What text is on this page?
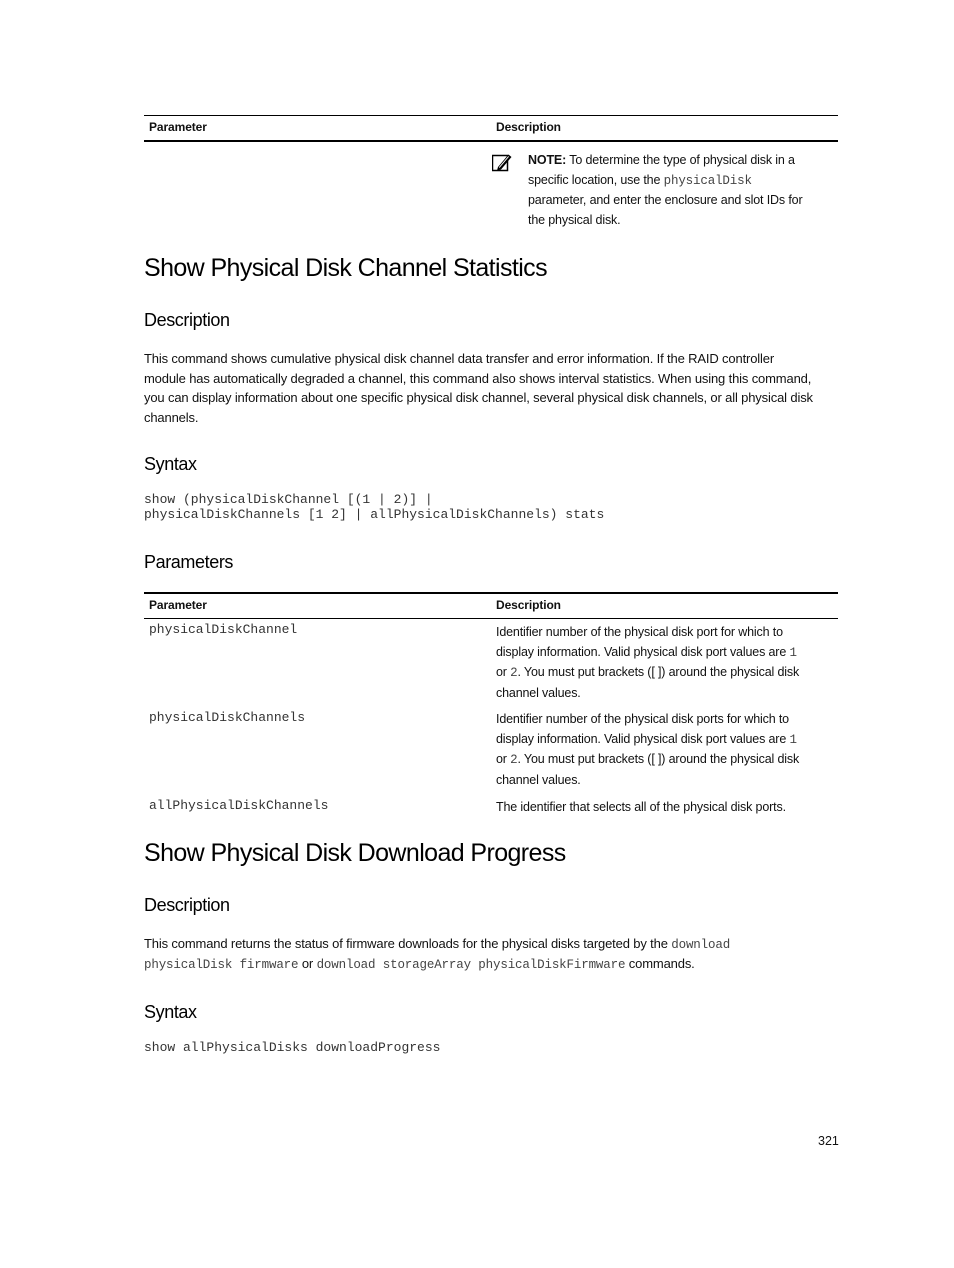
Parameter	Description
NOTE: To determine the type of physical disk in a
specific location, use the physicalDisk
parameter, and enter the enclosure and slot IDs for
the physical disk.
Show Physical Disk Channel Statistics
Description
This command shows cumulative physical disk channel data transfer and error information. If the RAID controller
module has automatically degraded a channel, this command also shows interval statistics. When using this command,
you can display information about one specific physical disk channel, several physical disk channels, or all physical disk
channels.
Syntax
show (physicalDiskChannel [(1 | 2)] |
physicalDiskChannels [1 2] | allPhysicalDiskChannels) stats
Parameters
Parameter	Description
physicalDiskChannel	Identifier number of the physical disk port for which to
display information. Valid physical disk port values are 1
or 2. You must put brackets ([ ]) around the physical disk
channel values.
physicalDiskChannels	Identifier number of the physical disk ports for which to
display information. Valid physical disk port values are 1
or 2. You must put brackets ([ ]) around the physical disk
channel values.
allPhysicalDiskChannels	The identifier that selects all of the physical disk ports.
Show Physical Disk Download Progress
Description
This command returns the status of firmware downloads for the physical disks targeted by the download
physicalDisk firmware or download storageArray physicalDiskFirmware commands.
Syntax
show allPhysicalDisks downloadProgress
321
